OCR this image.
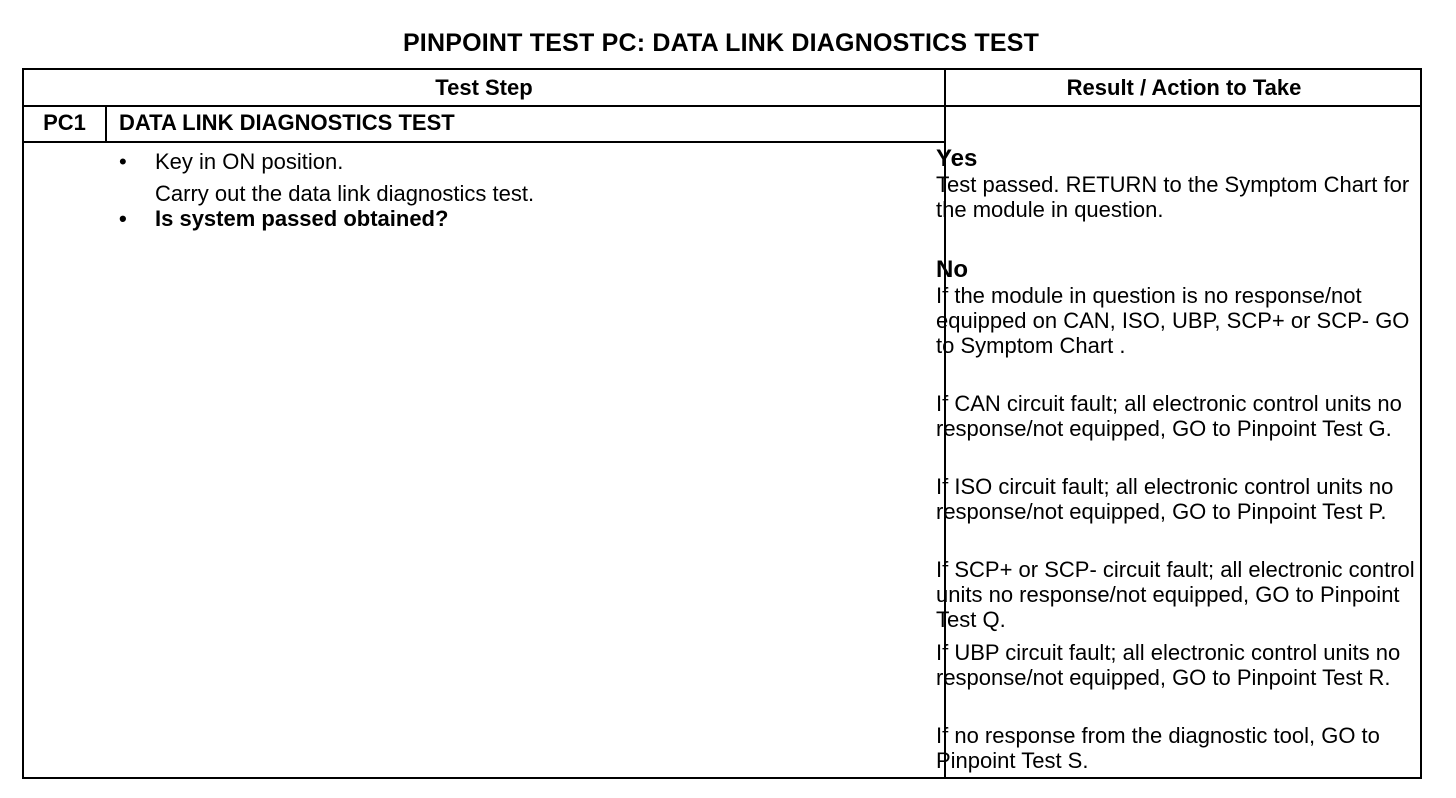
PINPOINT TEST PC: DATA LINK DIAGNOSTICS TEST
Test Step	Result / Action to Take
PC1	DATA LINK DIAGNOSTICS TEST
• Key in ON position.
Carry out the data link diagnostics test.
• Is system passed obtained?
Yes

Test passed. RETURN to the Symptom Chart for the module in question.

No

If the module in question is no response/not equipped on CAN, ISO, UBP, SCP+ or SCP- GO to Symptom Chart .

If CAN circuit fault; all electronic control units no response/not equipped, GO to Pinpoint Test G.

If ISO circuit fault; all electronic control units no response/not equipped, GO to Pinpoint Test P.

If SCP+ or SCP- circuit fault; all electronic control units no response/not equipped, GO to Pinpoint Test Q.

If UBP circuit fault; all electronic control units no response/not equipped, GO to Pinpoint Test R.

If no response from the diagnostic tool, GO to Pinpoint Test S.
